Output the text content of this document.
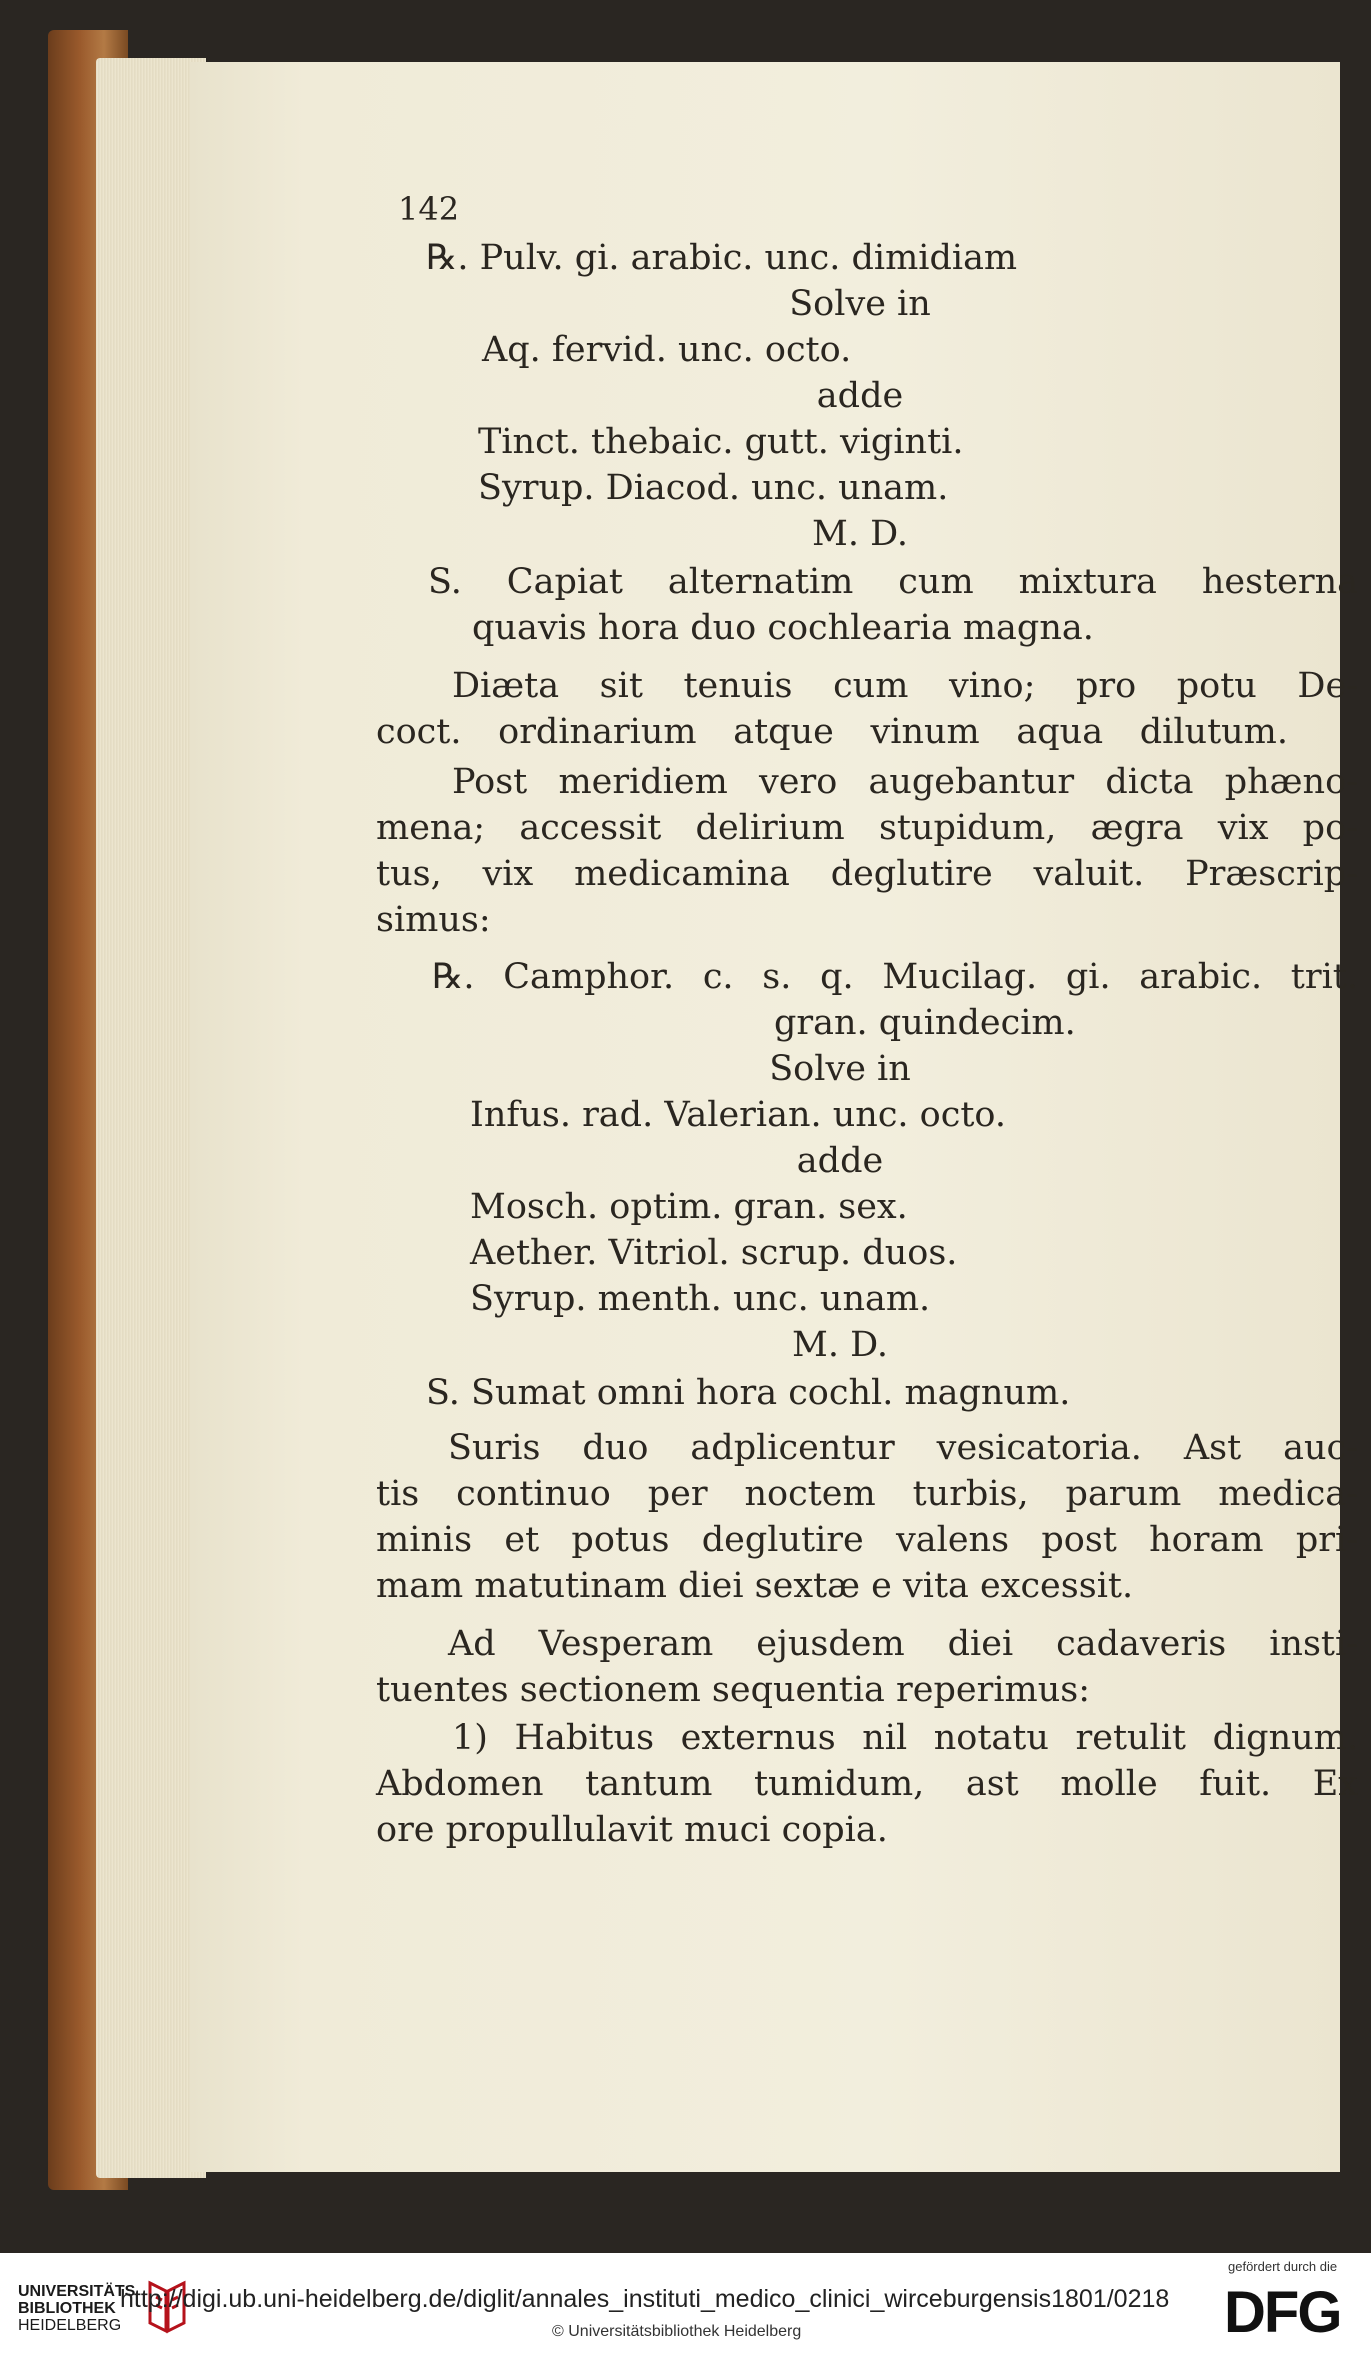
142
℞. Pulv. gi. arabic. unc. dimidiam
Solve in
Aq. fervid. unc. octo.
adde
Tinct. thebaic. gutt. viginti.
Syrup. Diacod. unc. unam.
M. D.
S. Capiat alternatim cum mixtura hesterna
quavis hora duo cochlearia magna.
Diæta sit tenuis cum vino; pro potu De-
coct. ordinarium atque vinum aqua dilutum.
Post meridiem vero augebantur dicta phæno-
mena; accessit delirium stupidum, ægra vix po-
tus, vix medicamina deglutire valuit. Præscrip-
simus:
℞. Camphor. c. s. q. Mucilag. gi. arabic. trit.
gran. quindecim.
Solve in
Infus. rad. Valerian. unc. octo.
adde
Mosch. optim. gran. sex.
Aether. Vitriol. scrup. duos.
Syrup. menth. unc. unam.
M. D.
S. Sumat omni hora cochl. magnum.
Suris duo adplicentur vesicatoria. Ast auc-
tis continuo per noctem turbis, parum medica-
minis et potus deglutire valens post horam pri-
mam matutinam diei sextæ e vita excessit.
Ad Vesperam ejusdem diei cadaveris insti-
tuentes sectionem sequentia reperimus:
1) Habitus externus nil notatu retulit dignum.
Abdomen tantum tumidum, ast molle fuit. Ex
ore propullulavit muci copia.
UNIVERSITÄTS
BIBLIOTHEK
HEIDELBERG
http://digi.ub.uni-heidelberg.de/diglit/annales_instituti_medico_clinici_wirceburgensis1801/0218
© Universitätsbibliothek Heidelberg
gefördert durch die
DFG
